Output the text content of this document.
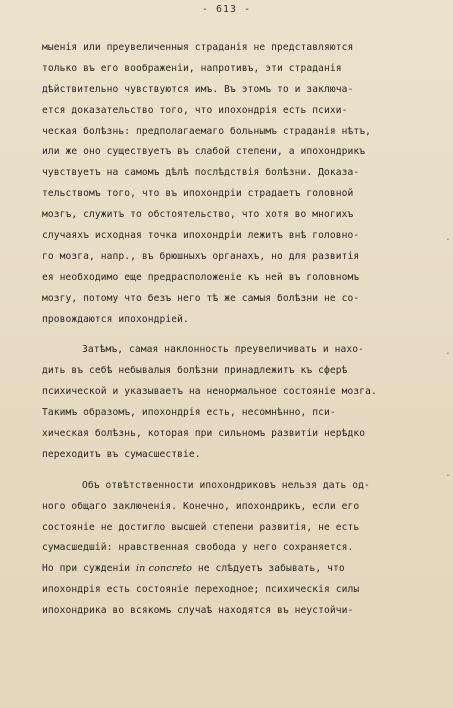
- 613 -
мыенія или преувеличенныя страданія не представляются
только въ его воображеніи, напротивъ, эти страданія
дѣйствительно чувствуются имъ. Въ этомъ то и заключа-
ется доказательство того, что ипохондрія есть психи-
ческая болѣзнь: предполагаемаго больнымъ страданія нѣтъ,
или же оно существуетъ въ слабой степени, а ипохондрикъ
чувствуетъ на самомъ дѣлѣ послѣдствія болѣзни. Доказа-
тельствомъ того, что въ ипохондріи страдаетъ головной
мозгъ, служитъ то обстоятельство, что хотя во многихъ
случаяхъ исходная точка ипохондріи лежитъ внѣ головно-
го мозга, напр., въ брюшныхъ органахъ, но для развитія
ея необходимо еще предрасположеніе къ ней въ головномъ
мозгу, потому что безъ него тѣ же самыя болѣзни не со-
провождаются ипохондріей.
Затѣмъ, самая наклонность преувеличивать и нахо-
дить въ себѣ небывалыя болѣзни принадлежитъ къ сферѣ
психической и указываетъ на ненормальное состояніе мозга.
Такимъ образомъ, ипохондрія есть, несомнѣнно, пси-
хическая болѣзнь, которая при сильномъ развитіи нерѣдко
переходитъ въ сумасшествіе.
Объ отвѣтственности ипохондриковъ нельзя дать од-
ного общаго заключенія. Конечно, ипохондрикъ, если его
состояніе не достигло высшей степени развитія, не есть
сумасшедшій: нравственная свобода у него сохраняется.
Но при сужденіи in concreto не слѣдуетъ забывать, что
ипохондрія есть состояніе переходное; психическія силы
ипохондрика во всякомъ случаѣ находятся въ неустойчи-
.
.
.
